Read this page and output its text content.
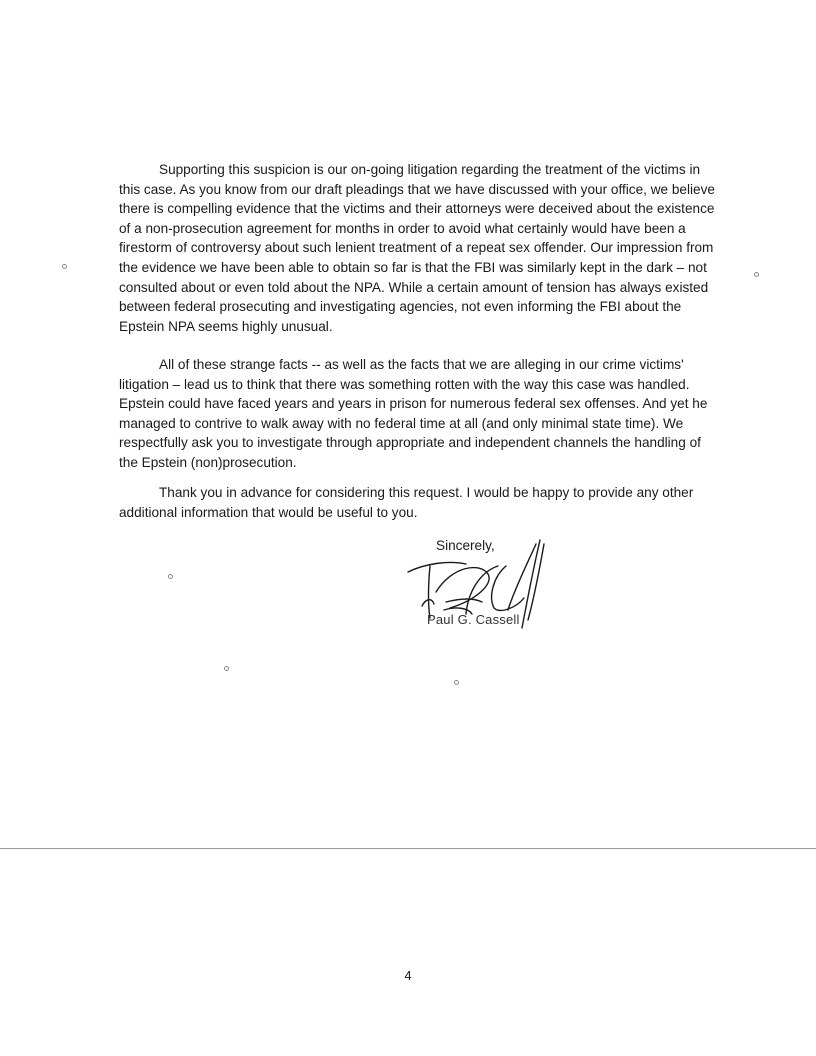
Supporting this suspicion is our on-going litigation regarding the treatment of the victims in this case. As you know from our draft pleadings that we have discussed with your office, we believe there is compelling evidence that the victims and their attorneys were deceived about the existence of a non-prosecution agreement for months in order to avoid what certainly would have been a firestorm of controversy about such lenient treatment of a repeat sex offender. Our impression from the evidence we have been able to obtain so far is that the FBI was similarly kept in the dark – not consulted about or even told about the NPA. While a certain amount of tension has always existed between federal prosecuting and investigating agencies, not even informing the FBI about the Epstein NPA seems highly unusual.

All of these strange facts -- as well as the facts that we are alleging in our crime victims' litigation – lead us to think that there was something rotten with the way this case was handled. Epstein could have faced years and years in prison for numerous federal sex offenses. And yet he managed to contrive to walk away with no federal time at all (and only minimal state time). We respectfully ask you to investigate through appropriate and independent channels the handling of the Epstein (non)prosecution.

Thank you in advance for considering this request. I would be happy to provide any other additional information that would be useful to you.

Sincerely,
Paul G. Cassell
4
